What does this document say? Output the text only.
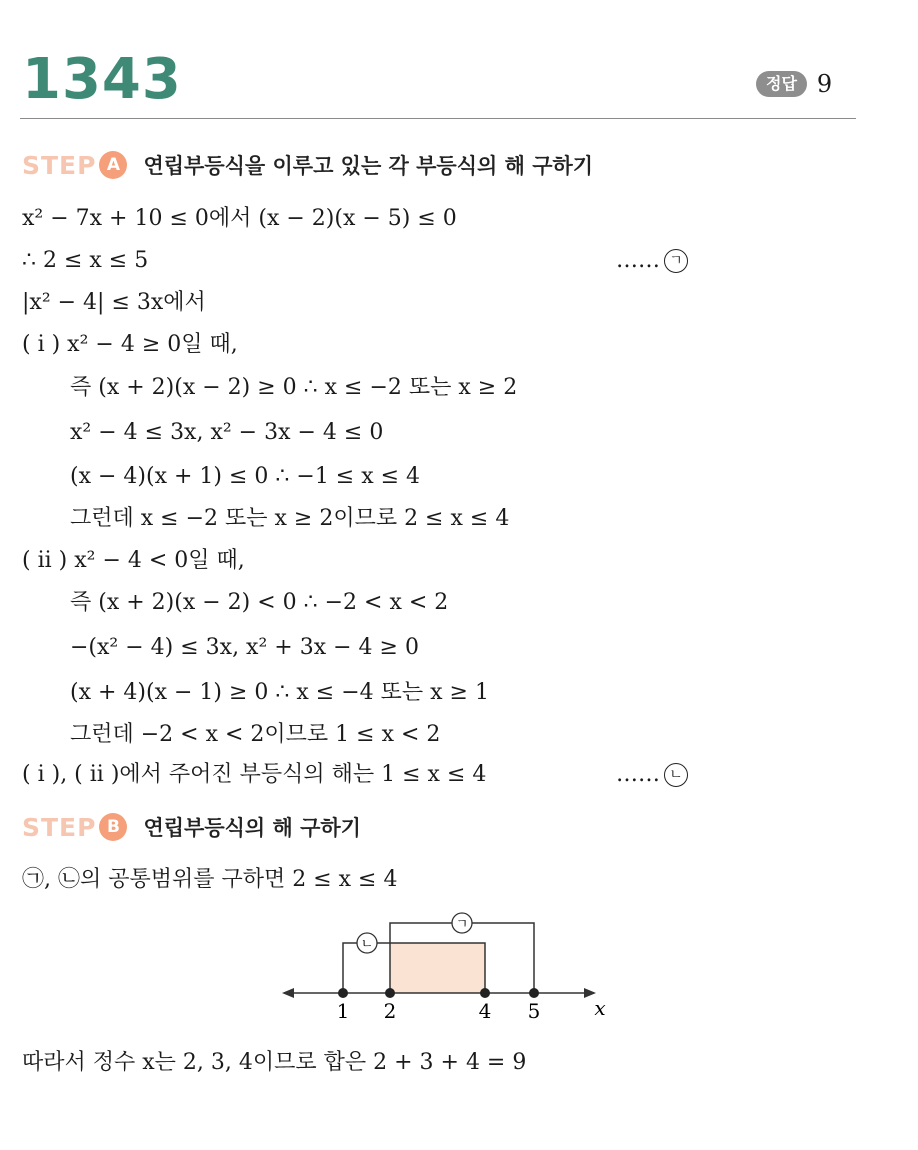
1343	정답 9
STEP A	연립부등식을 이루고 있는 각 부등식의 해 구하기
x² − 7x + 10 ≤ 0에서 (x − 2)(x − 5) ≤ 0
∴ 2 ≤ x ≤ 5	…… ㄱ
|x² − 4| ≤ 3x에서
( i ) x² − 4 ≥ 0일 때,
즉 (x + 2)(x − 2) ≥ 0 ∴ x ≤ −2 또는 x ≥ 2
x² − 4 ≤ 3x, x² − 3x − 4 ≤ 0
(x − 4)(x + 1) ≤ 0 ∴ −1 ≤ x ≤ 4
그런데 x ≤ −2 또는 x ≥ 2이므로 2 ≤ x ≤ 4
( ii ) x² − 4 < 0일 때,
즉 (x + 2)(x − 2) < 0 ∴ −2 < x < 2
−(x² − 4) ≤ 3x, x² + 3x − 4 ≥ 0
(x + 4)(x − 1) ≥ 0 ∴ x ≤ −4 또는 x ≥ 1
그런데 −2 < x < 2이므로 1 ≤ x < 2
( i ), ( ii )에서 주어진 부등식의 해는 1 ≤ x ≤ 4	…… ㄴ
STEP B	연립부등식의 해 구하기
㉠, ㉡의 공통범위를 구하면 2 ≤ x ≤ 4
ㄱ
ㄴ
1 2	4 5	x
따라서 정수 x는 2, 3, 4이므로 합은 2 + 3 + 4 = 9
